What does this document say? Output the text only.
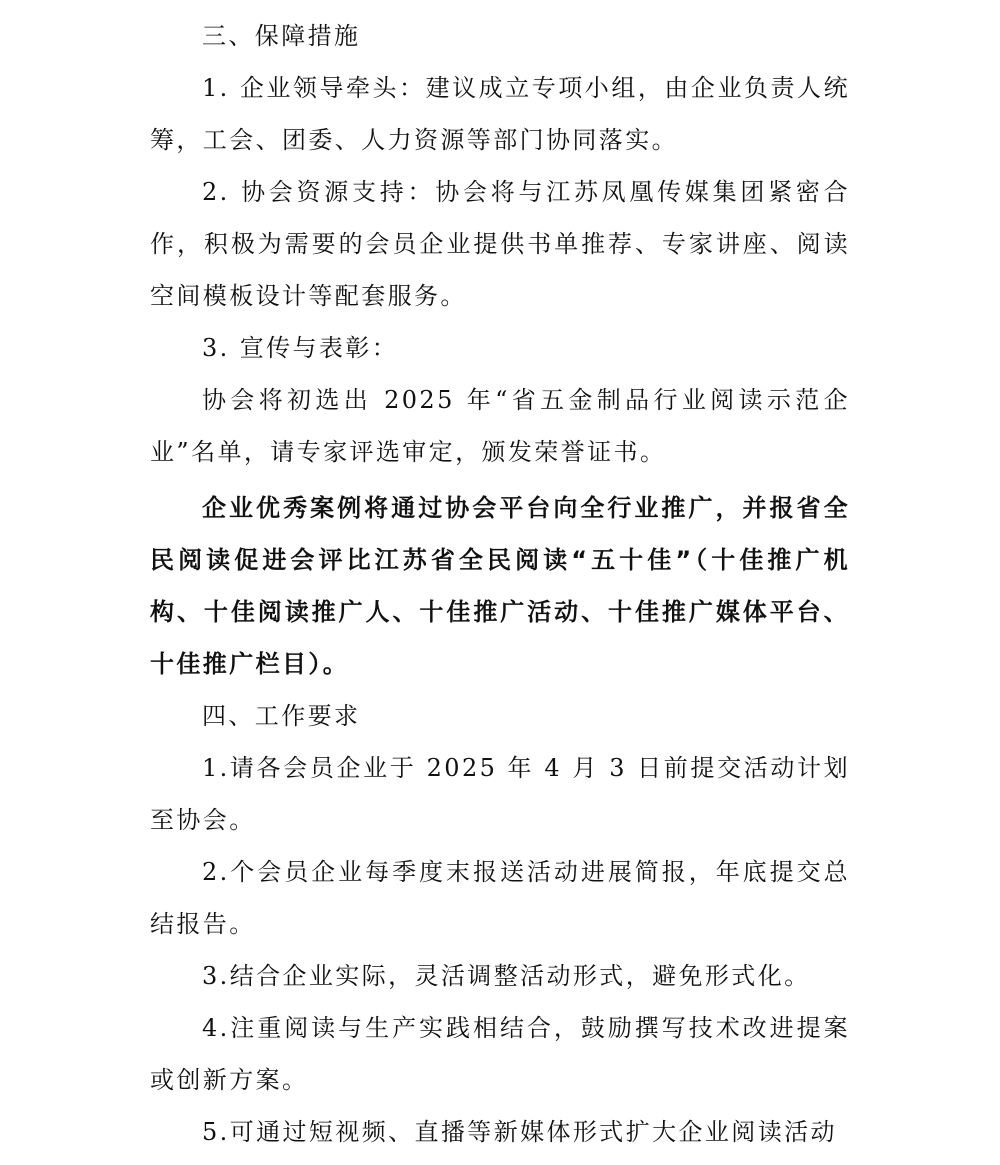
三、保障措施

1. 企业领导牵头：建议成立专项小组，由企业负责人统筹，工会、团委、人力资源等部门协同落实。

2. 协会资源支持：协会将与江苏凤凰传媒集团紧密合作，积极为需要的会员企业提供书单推荐、专家讲座、阅读空间模板设计等配套服务。

3. 宣传与表彰：

协会将初选出 2025 年“省五金制品行业阅读示范企业”名单，请专家评选审定，颁发荣誉证书。

企业优秀案例将通过协会平台向全行业推广，并报省全民阅读促进会评比江苏省全民阅读“五十佳”（十佳推广机构、十佳阅读推广人、十佳推广活动、十佳推广媒体平台、十佳推广栏目）。

四、工作要求

1.请各会员企业于 2025 年 4 月 3 日前提交活动计划至协会。

2.个会员企业每季度末报送活动进展简报，年底提交总结报告。

3.结合企业实际，灵活调整活动形式，避免形式化。

4.注重阅读与生产实践相结合，鼓励撰写技术改进提案或创新方案。

5.可通过短视频、直播等新媒体形式扩大企业阅读活动
